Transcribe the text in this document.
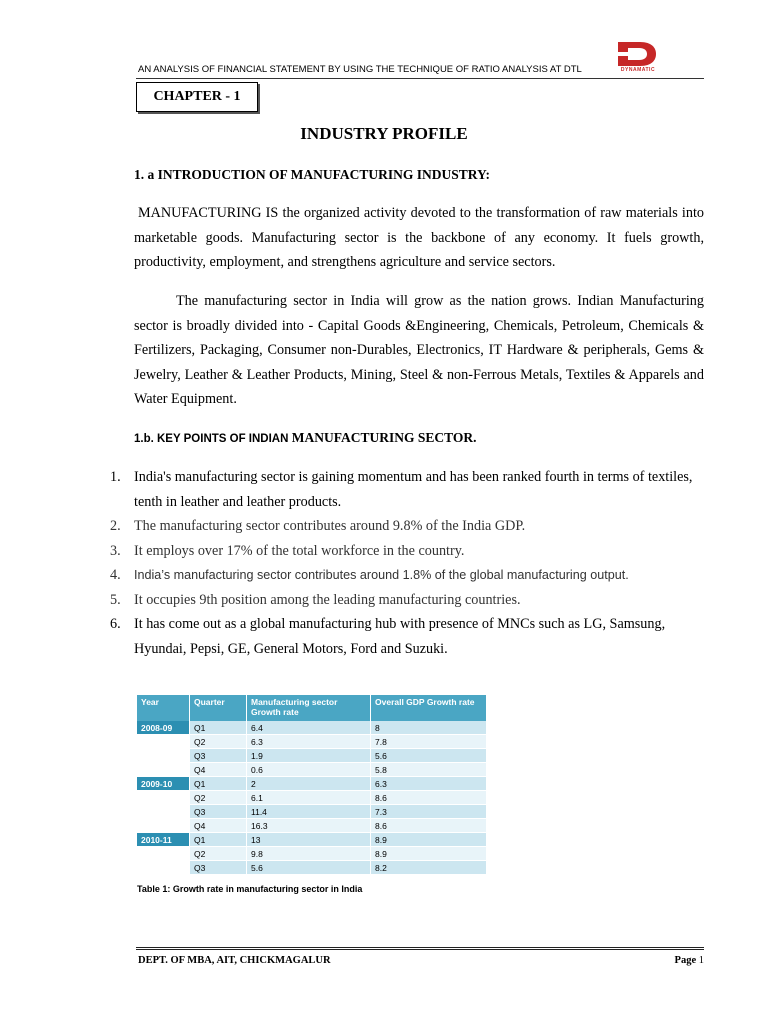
AN ANALYSIS OF FINANCIAL STATEMENT BY USING THE TECHNIQUE OF RATIO ANALYSIS AT DTL	DYNAMATIC
CHAPTER - 1
INDUSTRY PROFILE
1. a INTRODUCTION OF MANUFACTURING INDUSTRY:

MANUFACTURING IS the organized activity devoted to the transformation of raw materials into marketable goods. Manufacturing sector is the backbone of any economy. It fuels growth, productivity, employment, and strengthens agriculture and service sectors.

The manufacturing sector in India will grow as the nation grows. Indian Manufacturing sector is broadly divided into - Capital Goods &Engineering, Chemicals, Petroleum, Chemicals & Fertilizers, Packaging, Consumer non-Durables, Electronics, IT Hardware & peripherals, Gems & Jewelry, Leather & Leather Products, Mining, Steel & non-Ferrous Metals, Textiles & Apparels and Water Equipment.

1.b. KEY POINTS OF INDIAN MANUFACTURING SECTOR.
1. India's manufacturing sector is gaining momentum and has been ranked fourth in terms of textiles, tenth in leather and leather products.
2. The manufacturing sector contributes around 9.8% of the India GDP.
3. It employs over 17% of the total workforce in the country.
4. India’s manufacturing sector contributes around 1.8% of the global manufacturing output.
5. It occupies 9th position among the leading manufacturing countries.
6. It has come out as a global manufacturing hub with presence of MNCs such as LG, Samsung, Hyundai, Pepsi, GE, General Motors, Ford and Suzuki.
Year	Quarter	Manufacturing sector Growth rate	Overall GDP Growth rate
2008-09	Q1	6.4	8
	Q2	6.3	7.8
	Q3	1.9	5.6
	Q4	0.6	5.8
2009-10	Q1	2	6.3
	Q2	6.1	8.6
	Q3	11.4	7.3
	Q4	16.3	8.6
2010-11	Q1	13	8.9
	Q2	9.8	8.9
	Q3	5.6	8.2
Table 1: Growth rate in manufacturing sector in India
DEPT. OF MBA, AIT, CHICKMAGALUR	Page 1
